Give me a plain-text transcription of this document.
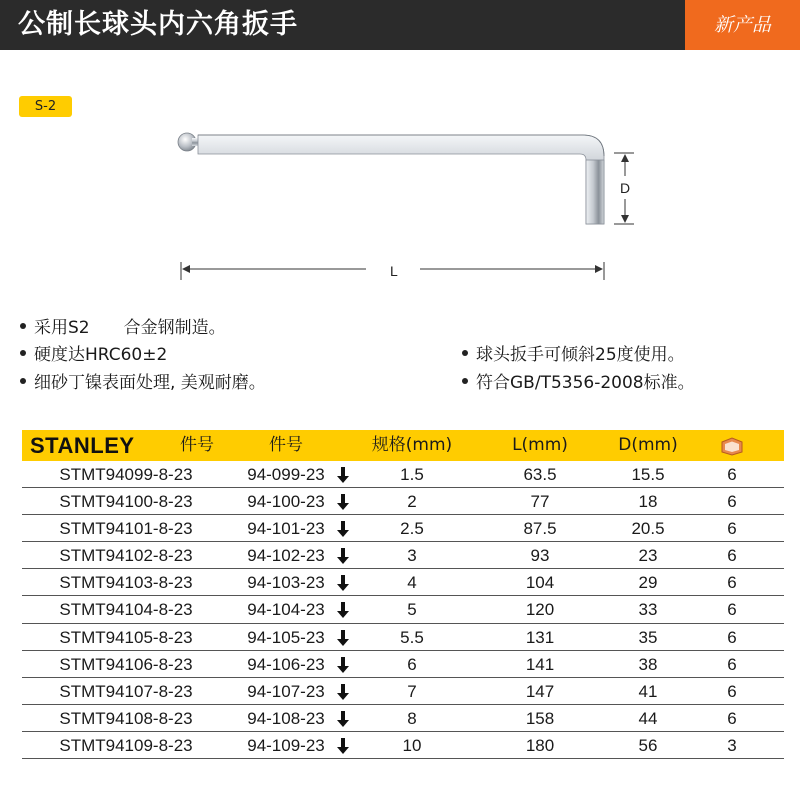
公制长球头内六角扳手	新产品
S-2
D
L
采用S2　　合金钢制造。
硬度达HRC60±2
细砂丁镍表面处理, 美观耐磨。
球头扳手可倾斜25度使用。
符合GB/T5356-2008标准。
STANLEY	件号	件号	规格(mm)	L(mm)	D(mm)
STMT94099-8-23	94-099-23	1.5	63.5	15.5	6
STMT94100-8-23	94-100-23	2	77	18	6
STMT94101-8-23	94-101-23	2.5	87.5	20.5	6
STMT94102-8-23	94-102-23	3	93	23	6
STMT94103-8-23	94-103-23	4	104	29	6
STMT94104-8-23	94-104-23	5	120	33	6
STMT94105-8-23	94-105-23	5.5	131	35	6
STMT94106-8-23	94-106-23	6	141	38	6
STMT94107-8-23	94-107-23	7	147	41	6
STMT94108-8-23	94-108-23	8	158	44	6
STMT94109-8-23	94-109-23	10	180	56	3
